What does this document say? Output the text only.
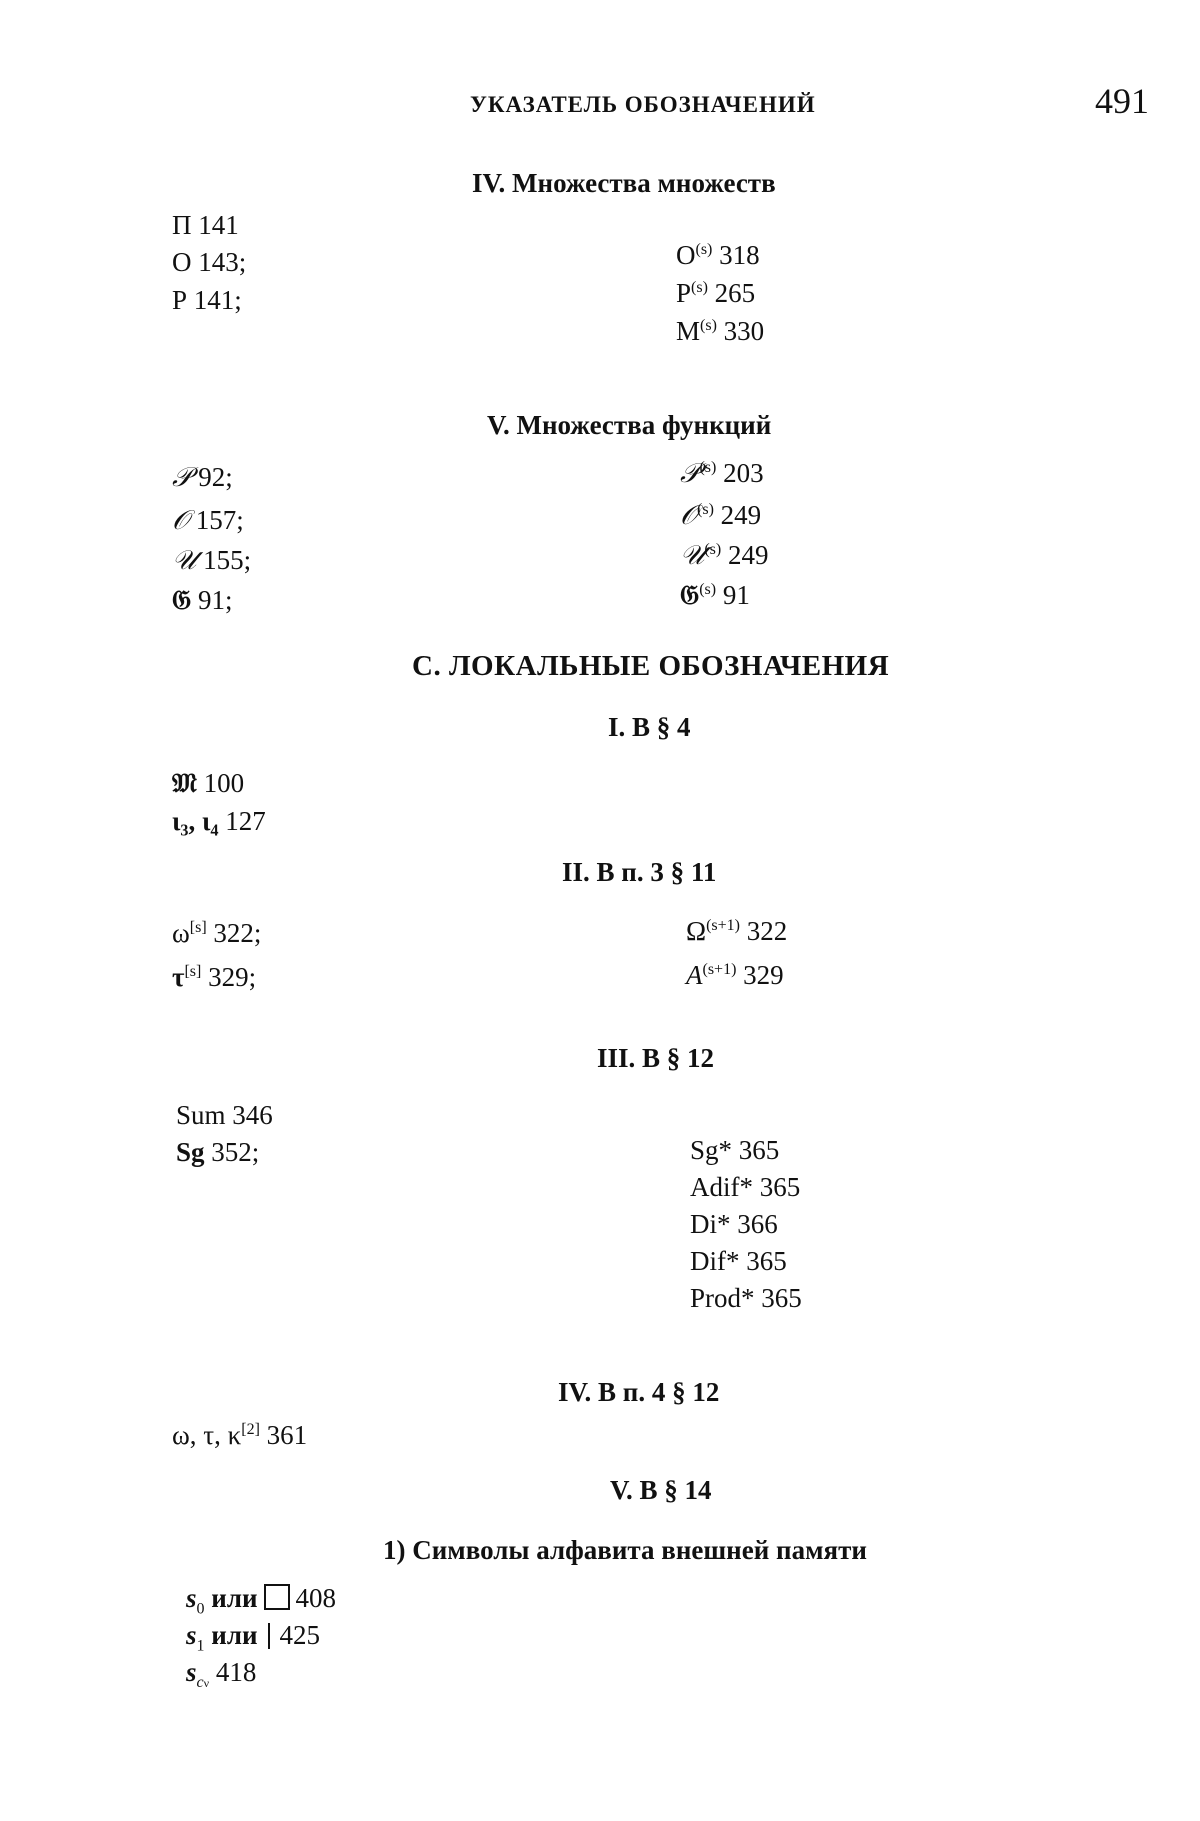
УКАЗАТЕЛЬ ОБОЗНАЧЕНИЙ	491
IV. Множества множеств
П 141
О 143;
Р 141;
$О^{(s)}$ 318
$Р^{(s)}$ 265
$М^{(s)}$ 330
V. Множества функций
𝒫 92;
𝒪 157;
𝒰 155;
𝔊 91;
𝒫$^{(s)}$ 203
𝒪$^{(s)}$ 249
𝒰$^{(s)}$ 249
𝔊$^{(s)}$ 91
С. ЛОКАЛЬНЫЕ ОБОЗНАЧЕНИЯ
I. В § 4
𝔐 100
ι₃, ι₄ 127
II. В п. 3 § 11
ω[s] 322;
τ[s] 329;
$\Omega^{(s+1)}$ 322
$A^{(s+1)}$ 329
III. В § 12
Sum 346
Sg 352;	Sg* 365
Adif* 365
Di* 366
Dif* 365
Prod* 365
IV. В п. 4 § 12
ω, τ, κ[2] 361
V. В § 14
1) Символы алфавита внешней памяти
$s_0$ или 408
$s_1$ или 425
$s_{c\nu}$ 418
